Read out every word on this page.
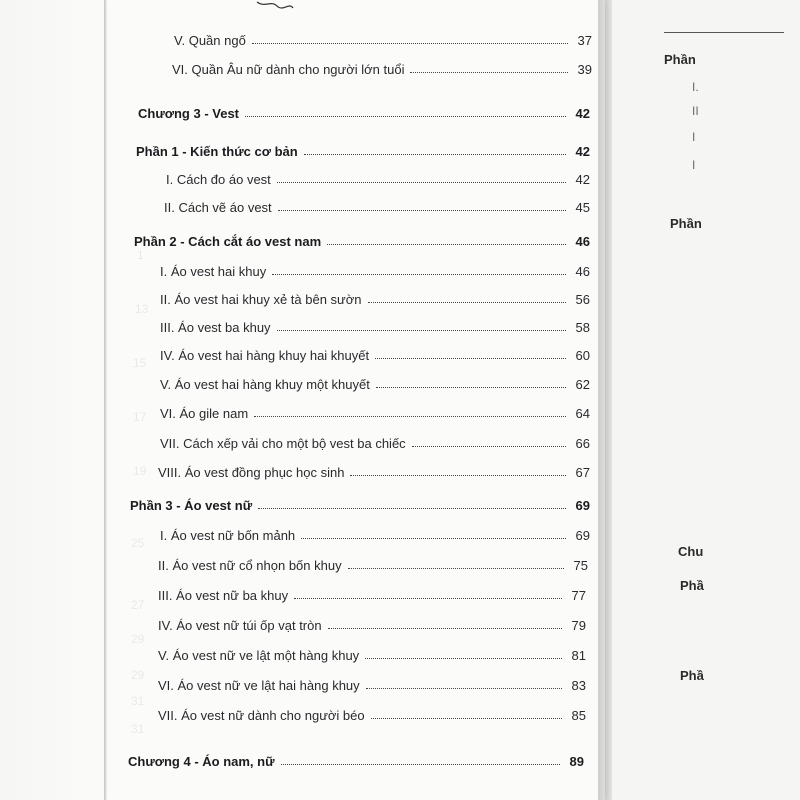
1
13
15
17
19
25
27
29
29
31
31
Phần
I.
II
I
I
Phần
Chu
Phầ
Phầ
V. Quần ngố	37
VI. Quần Âu nữ dành cho người lớn tuổi	39
Chương 3 - Vest	42
Phần 1 - Kiến thức cơ bản	42
I. Cách đo áo vest	42
II. Cách vẽ áo vest	45
Phần 2 - Cách cắt áo vest nam	46
I. Áo vest hai khuy	46
II. Áo vest hai khuy xẻ tà bên sườn	56
III. Áo vest ba khuy	58
IV. Áo vest hai hàng khuy hai khuyết	60
V. Áo vest hai hàng khuy một khuyết	62
VI. Áo gile nam	64
VII. Cách xếp vải cho một bộ vest ba chiếc	66
VIII. Áo vest đồng phục học sinh	67
Phần 3 - Áo vest nữ	69
I. Áo vest nữ bốn mảnh	69
II. Áo vest nữ cổ nhọn bốn khuy	75
III. Áo vest nữ ba khuy	77
IV. Áo vest nữ túi ốp vạt tròn	79
V. Áo vest nữ ve lật một hàng khuy	81
VI. Áo vest nữ ve lật hai hàng khuy	83
VII. Áo vest nữ dành cho người béo	85
Chương 4 - Áo nam, nữ	89
